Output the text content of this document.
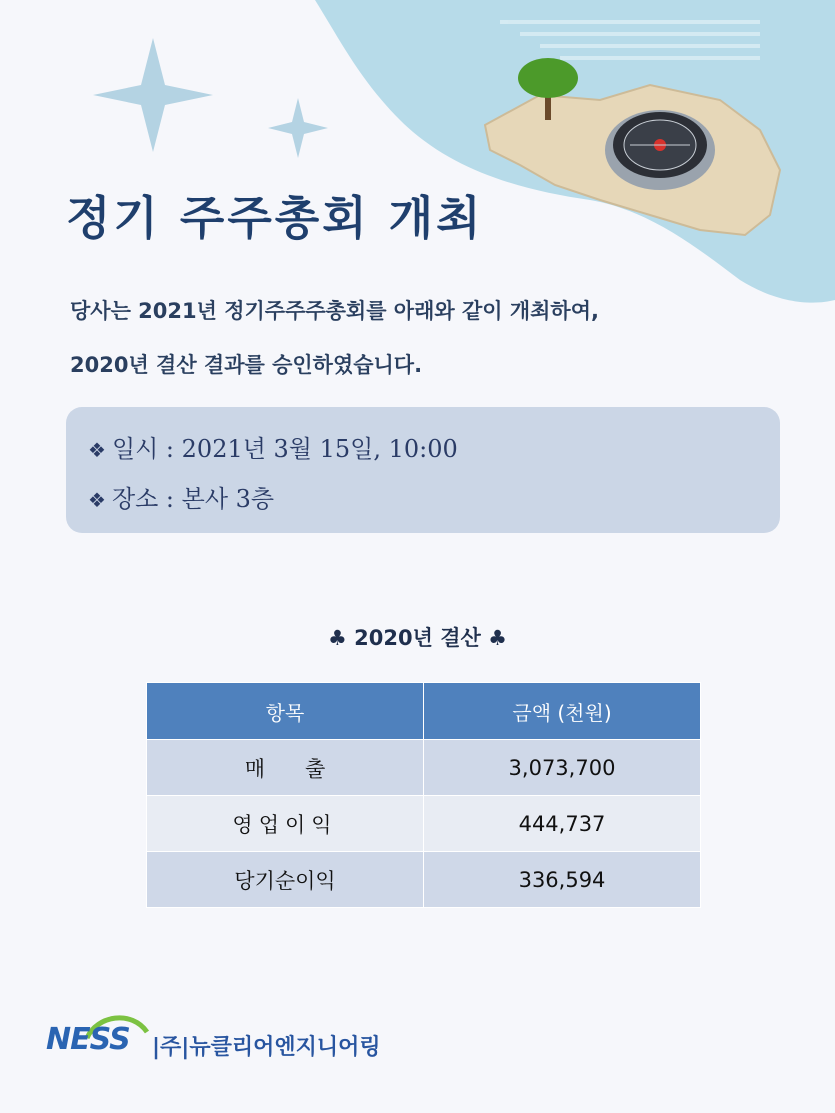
정기 주주총회 개최
당사는 2021년 정기주주주총회를 아래와 같이 개최하여,
2020년 결산 결과를 승인하였습니다.
❖ 일시 : 2021년 3월 15일, 10:00
❖ 장소 : 본사 3층
♣ 2020년 결산 ♣
항목	금액 (천원)
매      출	3,073,700
영업이익	444,737
당기순이익	336,594
NESS |주|뉴클리어엔지니어링
